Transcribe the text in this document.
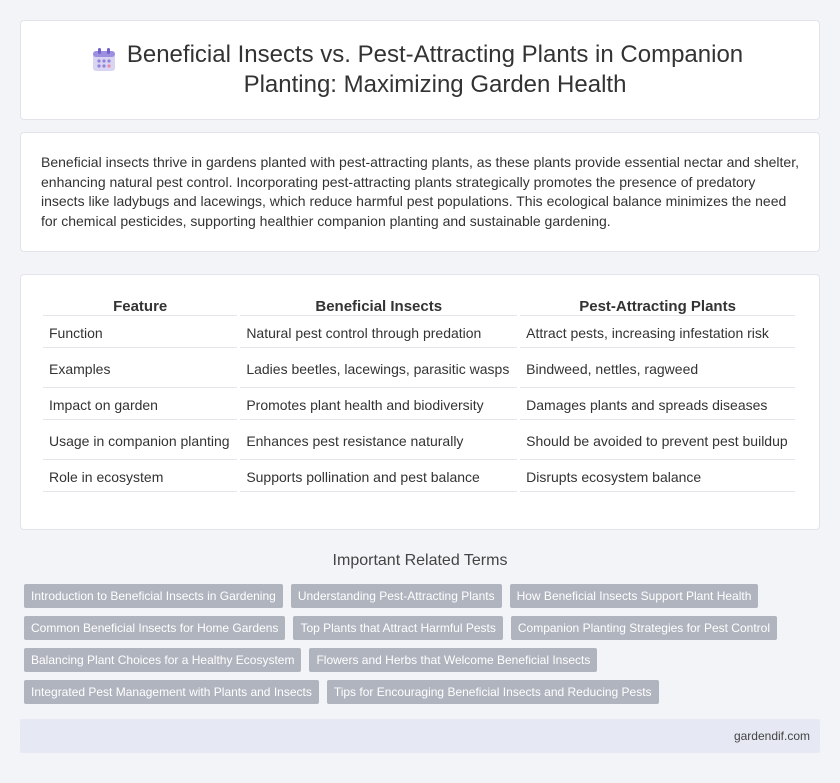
Beneficial Insects vs. Pest-Attracting Plants in Companion Planting: Maximizing Garden Health

Beneficial insects thrive in gardens planted with pest-attracting plants, as these plants provide essential nectar and shelter, enhancing natural pest control. Incorporating pest-attracting plants strategically promotes the presence of predatory insects like ladybugs and lacewings, which reduce harmful pest populations. This ecological balance minimizes the need for chemical pesticides, supporting healthier companion planting and sustainable gardening.

Feature	Beneficial Insects	Pest-Attracting Plants
Function	Natural pest control through predation	Attract pests, increasing infestation risk
Examples	Ladies beetles, lacewings, parasitic wasps	Bindweed, nettles, ragweed
Impact on garden	Promotes plant health and biodiversity	Damages plants and spreads diseases
Usage in companion planting	Enhances pest resistance naturally	Should be avoided to prevent pest buildup
Role in ecosystem	Supports pollination and pest balance	Disrupts ecosystem balance
Important Related Terms
Introduction to Beneficial Insects in Gardening	Understanding Pest-Attracting Plants	How Beneficial Insects Support Plant Health
Common Beneficial Insects for Home Gardens	Top Plants that Attract Harmful Pests	Companion Planting Strategies for Pest Control
Balancing Plant Choices for a Healthy Ecosystem	Flowers and Herbs that Welcome Beneficial Insects
Integrated Pest Management with Plants and Insects	Tips for Encouraging Beneficial Insects and Reducing Pests
gardendif.com
